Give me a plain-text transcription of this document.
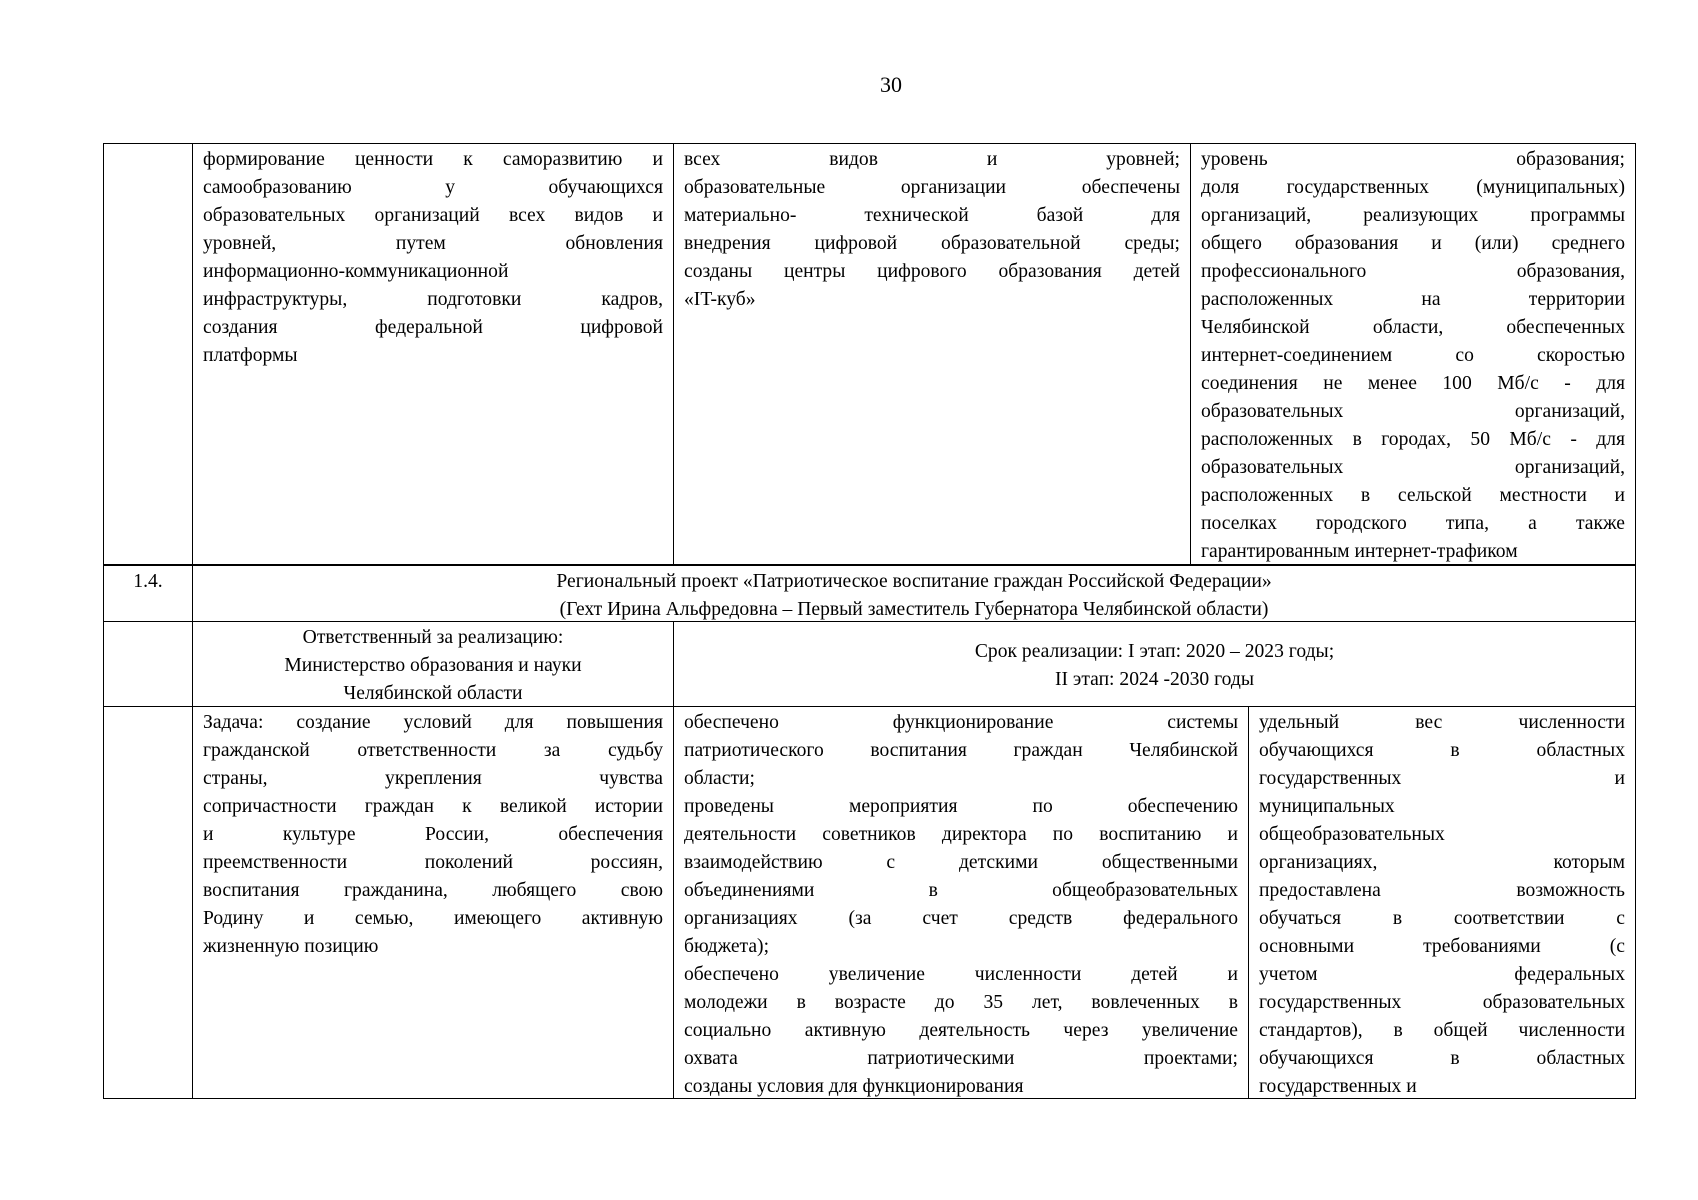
30

формирование ценности к саморазвитию и

самообразованию у обучающихся

образовательных организаций всех видов и

уровней, путем обновления

информационно-коммуникационной

инфраструктуры, подготовки кадров,

создания федеральной цифровой

платформы

всех видов и уровней;

образовательные организации обеспечены

материально- технической базой для

внедрения цифровой образовательной среды;

созданы центры цифрового образования детей

«IT-куб»

уровень образования;

доля государственных (муниципальных)

организаций, реализующих программы

общего образования и (или) среднего

профессионального образования,

расположенных на территории

Челябинской области, обеспеченных

интернет-соединением со скоростью

соединения не менее 100 Мб/с - для

образовательных организаций,

расположенных в городах, 50 Мб/с - для

образовательных организаций,

расположенных в сельской местности и

поселках городского типа, а также

гарантированным интернет-трафиком

1.4.	Региональный проект «Патриотическое воспитание граждан Российской Федерации»

(Гехт Ирина Альфредовна – Первый заместитель Губернатора Челябинской области)

Ответственный за реализацию:

Министерство образования и науки

Челябинской области

Срок реализации: I этап: 2020 – 2023 годы;

II этап: 2024 -2030 годы

Задача: создание условий для повышения

гражданской ответственности за судьбу

страны, укрепления чувства

сопричастности граждан к великой истории

и культуре России, обеспечения

преемственности поколений россиян,

воспитания гражданина, любящего свою

Родину и семью, имеющего активную

жизненную позицию

обеспечено функционирование системы

патриотического воспитания граждан Челябинской

области;

проведены мероприятия по обеспечению

деятельности советников директора по воспитанию и

взаимодействию с детскими общественными

объединениями в общеобразовательных

организациях (за счет средств федерального

бюджета);

обеспечено увеличение численности детей и

молодежи в возрасте до 35 лет, вовлеченных в

социально активную деятельность через увеличение

охвата патриотическими проектами;

созданы условия для функционирования

удельный вес численности

обучающихся в областных

государственных и

муниципальных

общеобразовательных

организациях, которым

предоставлена возможность

обучаться в соответствии с

основными требованиями (с

учетом федеральных

государственных образовательных

стандартов), в общей численности

обучающихся в областных

государственных и
